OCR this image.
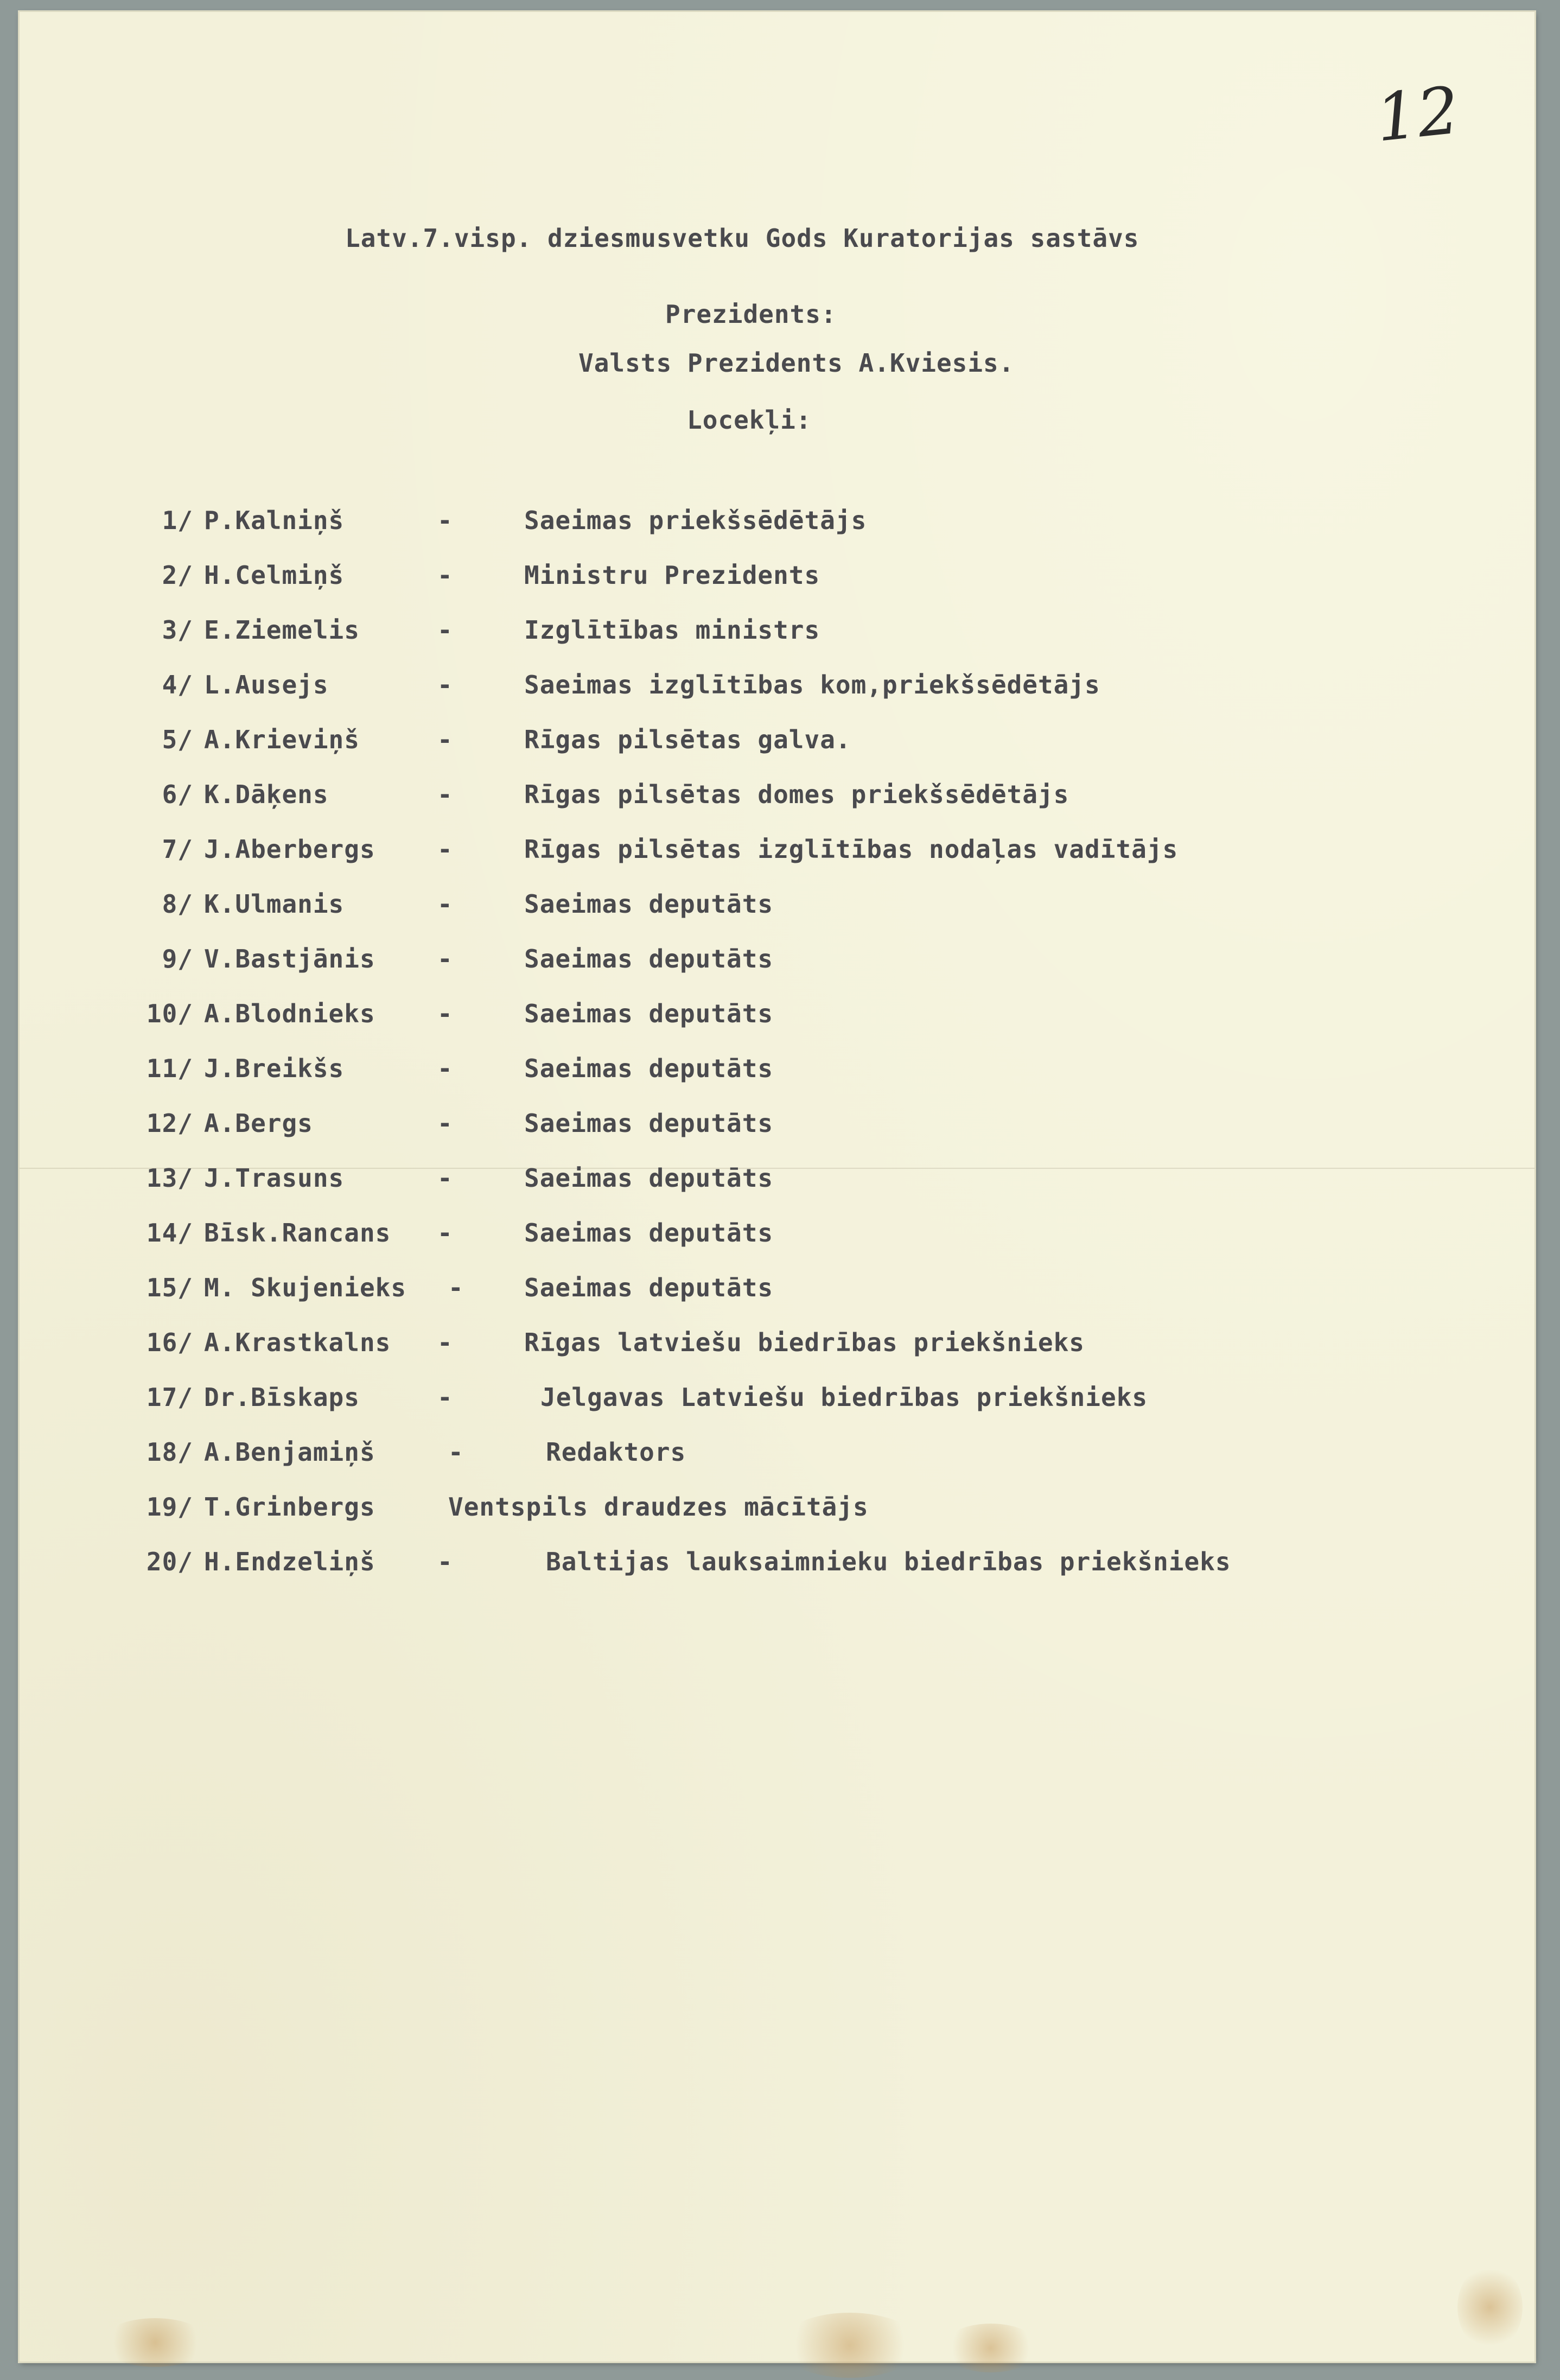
12
Latv.7.visp. dziesmusvetku Gods Kuratorijas sastāvs
Prezidents:
Valsts Prezidents A.Kviesis.
Locekļi:
1/ P.Kalniņš	-	Saeimas priekšsēdētājs
2/ H.Celmiņš	-	Ministru Prezidents
3/ E.Ziemelis	-	Izglītības ministrs
4/ L.Ausejs	-	Saeimas izglītības kom,priekšsēdētājs
5/ A.Krieviņš	-	Rīgas pilsētas galva.
6/ K.Dāķens	-	Rīgas pilsētas domes priekšsēdētājs
7/ J.Aberbergs -	Rīgas pilsētas izglītības nodaļas vadītājs
8/ K.Ulmanis	-	Saeimas deputāts
9/ V.Bastjānis -	Saeimas deputāts
10/ A.Blodnieks -	Saeimas deputāts
11/ J.Breikšs	-	Saeimas deputāts
12/ A.Bergs	-	Saeimas deputāts
13/ J.Trasuns	-	Saeimas deputāts
14/ Bīsk.Rancans -	Saeimas deputāts
15/ M. Skujenieks - Saeimas deputāts
16/ A.Krastkalns -	Rīgas latviešu biedrības priekšnieks
17/ Dr.Bīskaps	-	Jelgavas Latviešu biedrības priekšnieks
18/ A.Benjamiņš	-	Redaktors
19/ T.Grinbergs	Ventspils draudzes mācītājs
20/ H.Endzeliņš -	Baltijas lauksaimnieku biedrības priekšnieks
